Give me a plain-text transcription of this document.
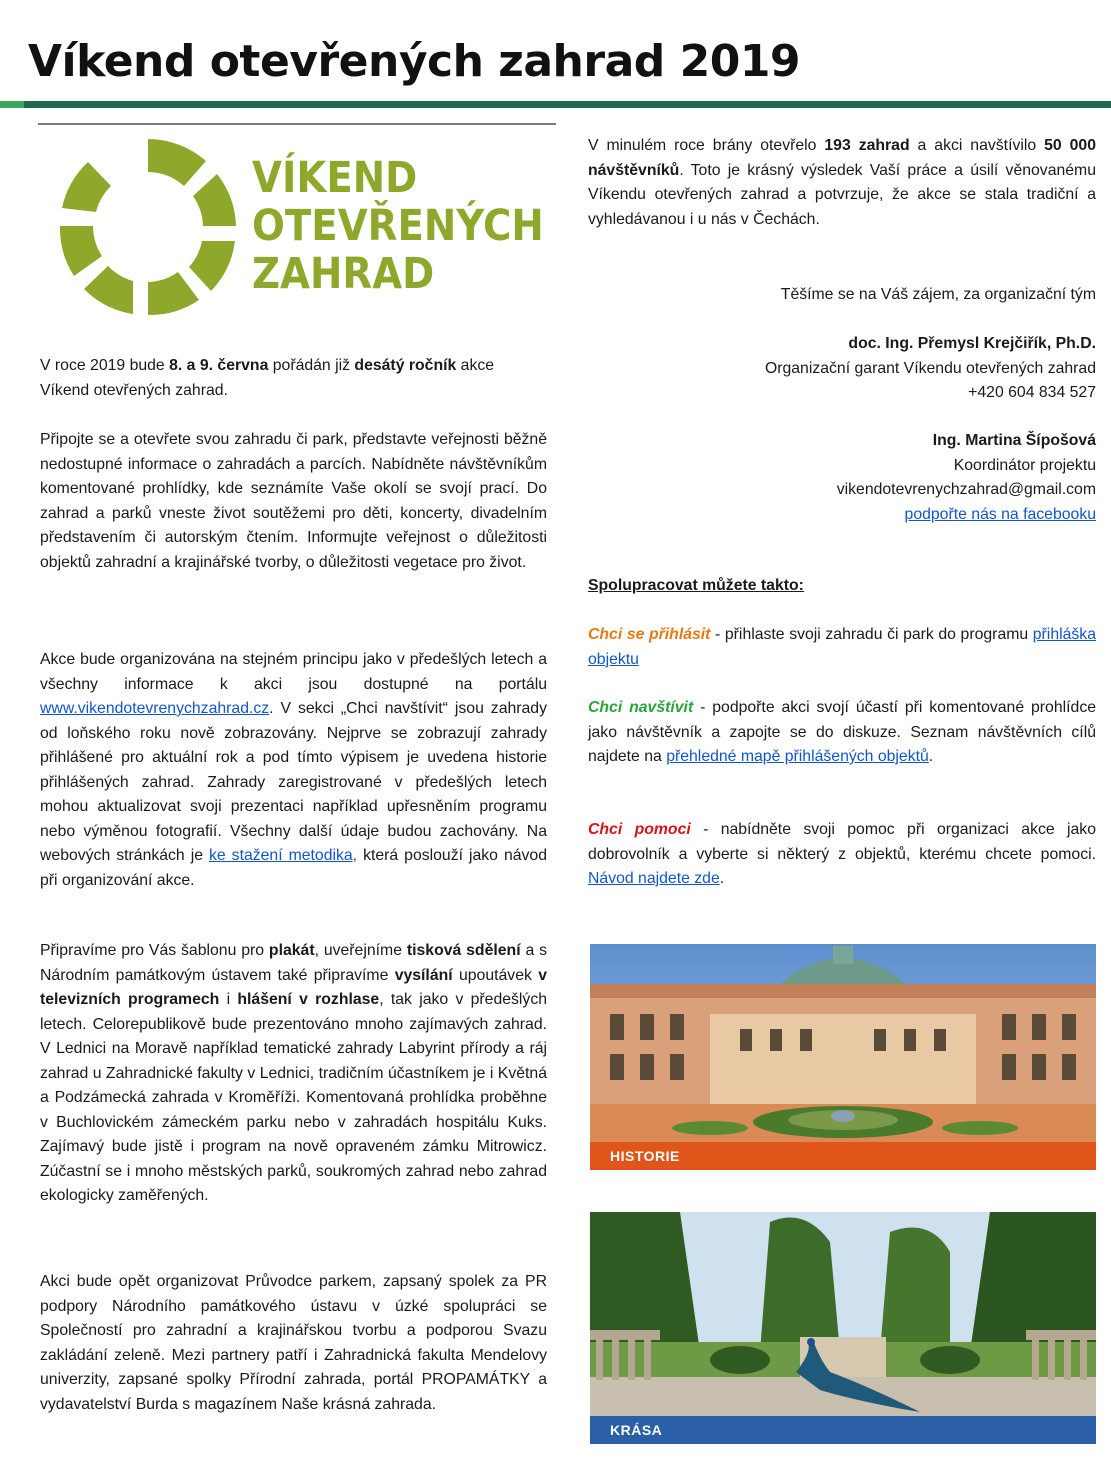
Víkend otevřených zahrad 2019
VÍKEND
OTEVŘENÝCH
ZAHRAD

V roce 2019 bude 8. a 9. června pořádán již desátý ročník akce Víkend otevřených zahrad.

Připojte se a otevřete svou zahradu či park, představte veřejnosti běžně nedostupné informace o zahradách a parcích. Nabídněte návštěvníkům komentované prohlídky, kde seznámíte Vaše okolí se svojí prací. Do zahrad a parků vneste život soutěžemi pro děti, koncerty, divadelním představením či autorským čtením. Informujte veřejnost o důležitosti objektů zahradní a krajinářské tvorby, o důležitosti vegetace pro život.

Akce bude organizována na stejném principu jako v předešlých letech a všechny informace k akci jsou dostupné na portálu www.vikendotevrenychzahrad.cz. V sekci „Chci navštívit“ jsou zahrady od loňského roku nově zobrazovány. Nejprve se zobrazují zahrady přihlášené pro aktuální rok a pod tímto výpisem je uvedena historie přihlášených zahrad. Zahrady zaregistrované v předešlých letech mohou aktualizovat svoji prezentaci například upřesněním programu nebo výměnou fotografií. Všechny další údaje budou zachovány. Na webových stránkách je ke stažení metodika, která poslouží jako návod při organizování akce.

Připravíme pro Vás šablonu pro plakát, uveřejníme tisková sdělení a s Národním památkovým ústavem také připravíme vysílání upoutávek v televizních programech i hlášení v rozhlase, tak jako v předešlých letech. Celorepublikově bude prezentováno mnoho zajímavých zahrad. V Lednici na Moravě například tematické zahrady Labyrint přírody a ráj zahrad u Zahradnické fakulty v Lednici, tradičním účastníkem je i Květná a Podzámecká zahrada v Kroměříži. Komentovaná prohlídka proběhne v Buchlovickém zámeckém parku nebo v zahradách hospitálu Kuks. Zajímavý bude jistě i program na nově opraveném zámku Mitrowicz. Zúčastní se i mnoho městských parků, soukromých zahrad nebo zahrad ekologicky zaměřených.

Akci bude opět organizovat Průvodce parkem, zapsaný spolek za PR podpory Národního památkového ústavu v úzké spolupráci se Společností pro zahradní a krajinářskou tvorbu a podporou Svazu zakládání zeleně. Mezi partnery patří i Zahradnická fakulta Mendelovy univerzity, zapsané spolky Přírodní zahrada, portál PROPAMÁTKY a vydavatelství Burda s magazínem Naše krásná zahrada.

V minulém roce brány otevřelo 193 zahrad a akci navštívilo 50 000 návštěvníků. Toto je krásný výsledek Vaší práce a úsilí věnovanému Víkendu otevřených zahrad a potvrzuje, že akce se stala tradiční a vyhledávanou i u nás v Čechách.

Těšíme se na Váš zájem, za organizační tým

doc. Ing. Přemysl Krejčiřík, Ph.D.

Organizační garant Víkendu otevřených zahrad

+420 604 834 527

Ing. Martina Šípošová

Koordinátor projektu

vikendotevrenychzahrad@gmail.com

podpořte nás na facebooku

Spolupracovat můžete takto:

Chci se přihlásit - přihlaste svoji zahradu či park do programu přihláška objektu

Chci navštívit - podpořte akci svojí účastí při komentované prohlídce jako návštěvník a zapojte se do diskuze. Seznam návštěvních cílů najdete na přehledné mapě přihlášených objektů.

Chci pomoci - nabídněte svoji pomoc při organizaci akce jako dobrovolník a vyberte si některý z objektů, kterému chcete pomoci. Návod najdete zde.

HISTORIE
KRÁSA
